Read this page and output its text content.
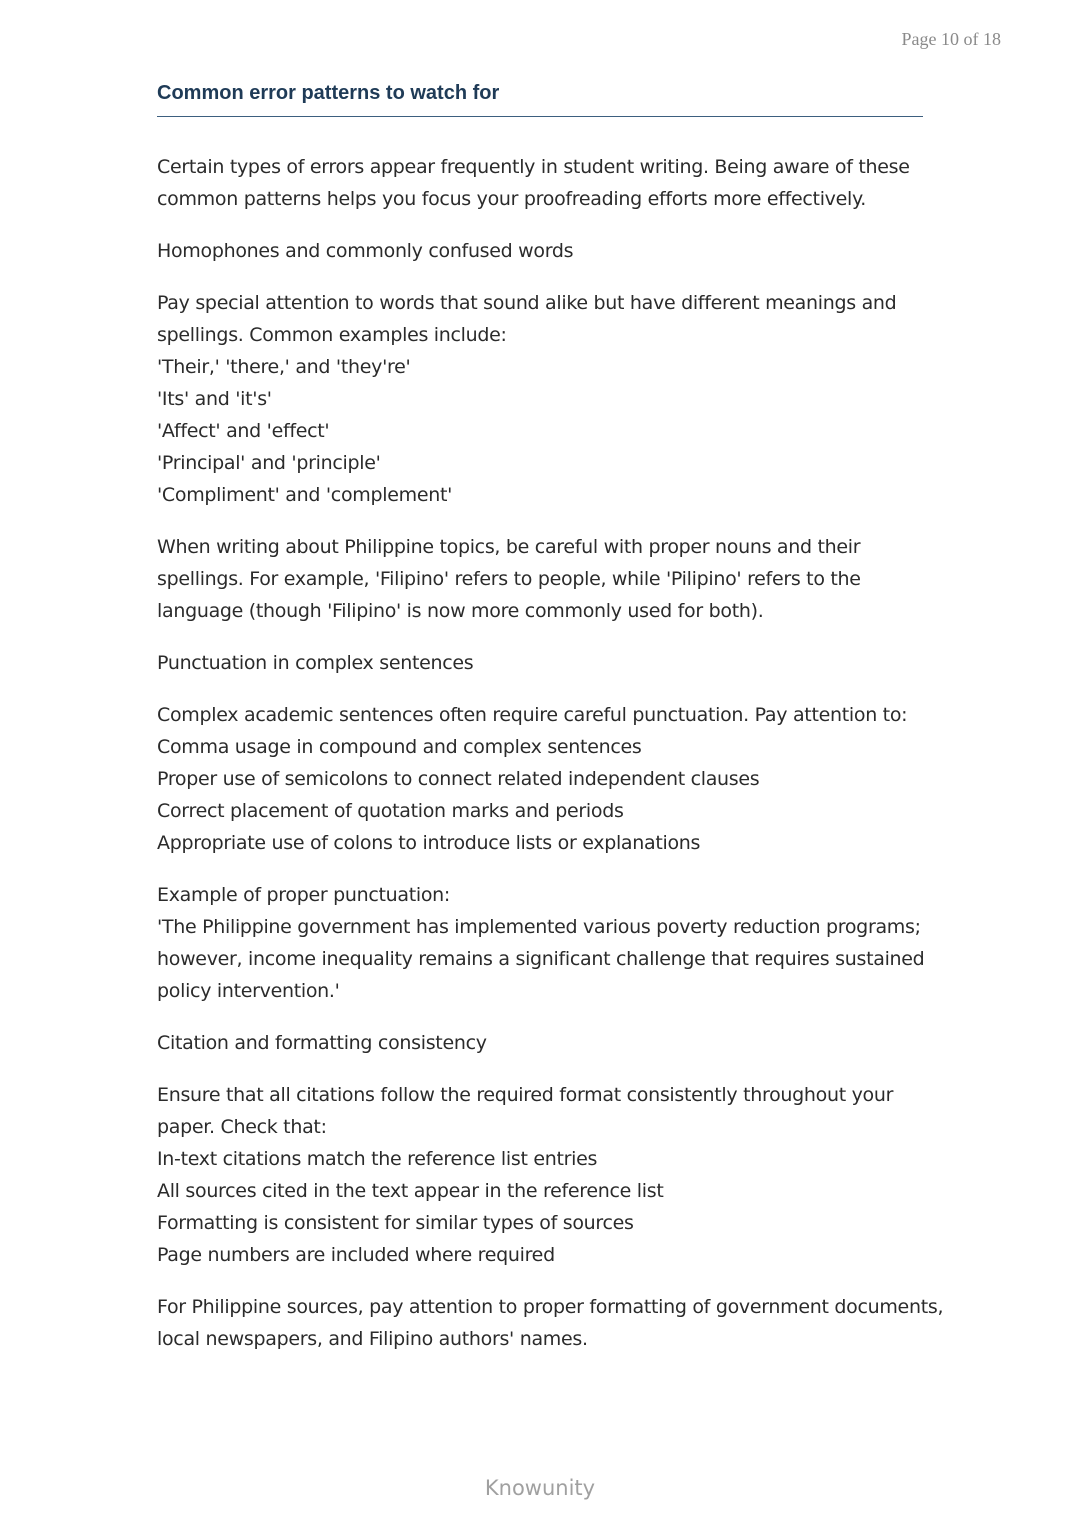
Page 10 of 18
Common error patterns to watch for

Certain types of errors appear frequently in student writing. Being aware of these

common patterns helps you focus your proofreading efforts more effectively.

Homophones and commonly confused words

Pay special attention to words that sound alike but have different meanings and

spellings. Common examples include:

'Their,' 'there,' and 'they're'
'Its' and 'it's'
'Affect' and 'effect'
'Principal' and 'principle'
'Compliment' and 'complement'

When writing about Philippine topics, be careful with proper nouns and their

spellings. For example, 'Filipino' refers to people, while 'Pilipino' refers to the

language (though 'Filipino' is now more commonly used for both).

Punctuation in complex sentences

Complex academic sentences often require careful punctuation. Pay attention to:

Comma usage in compound and complex sentences
Proper use of semicolons to connect related independent clauses
Correct placement of quotation marks and periods
Appropriate use of colons to introduce lists or explanations

Example of proper punctuation:

'The Philippine government has implemented various poverty reduction programs;

however, income inequality remains a significant challenge that requires sustained

policy intervention.'

Citation and formatting consistency

Ensure that all citations follow the required format consistently throughout your

paper. Check that:

In-text citations match the reference list entries
All sources cited in the text appear in the reference list
Formatting is consistent for similar types of sources
Page numbers are included where required

For Philippine sources, pay attention to proper formatting of government documents,

local newspapers, and Filipino authors' names.

Knowunity
